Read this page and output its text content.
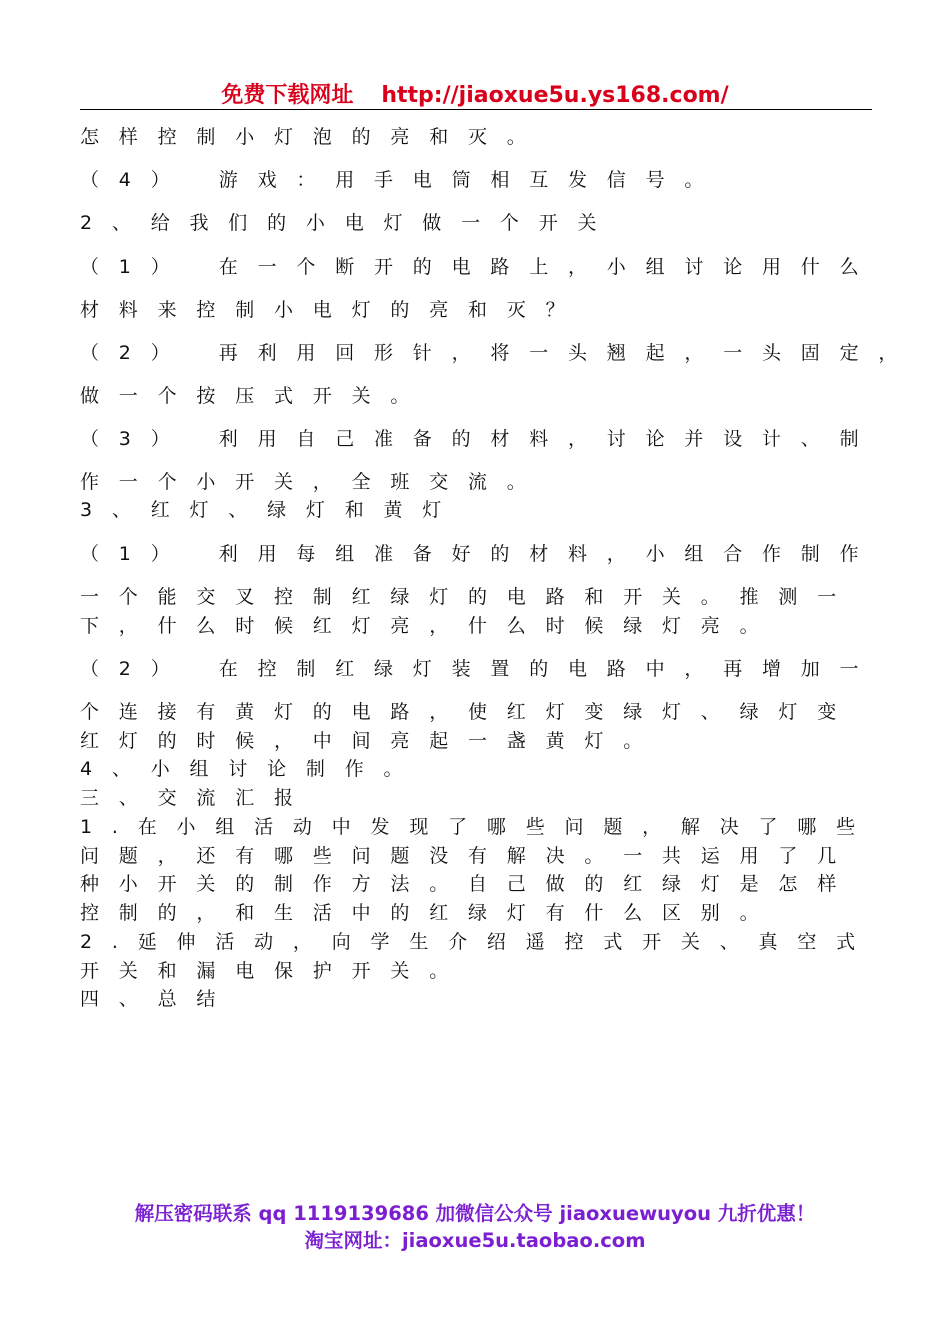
免费下载网址 http://jiaoxue5u.ys168.com/
怎样控制小灯泡的亮和灭。
（4）　游戏：用手电筒相互发信号。
2、给我们的小电灯做一个开关
（1）　在一个断开的电路上，小组讨论用什么
材料来控制小电灯的亮和灭？
（2）　再利用回形针，将一头翘起，一头固定，
做一个按压式开关。
（3）　利用自己准备的材料，讨论并设计、制
作一个小开关，全班交流。
3、红灯、绿灯和黄灯
（1）　利用每组准备好的材料，小组合作制作
一个能交叉控制红绿灯的电路和开关。推测一
下，什么时候红灯亮，什么时候绿灯亮。
（2）　在控制红绿灯装置的电路中，再增加一
个连接有黄灯的电路，使红灯变绿灯、绿灯变
红灯的时候，中间亮起一盏黄灯。
4、小组讨论制作。
三、交流汇报
1.在小组活动中发现了哪些问题，解决了哪些
问题，还有哪些问题没有解决。一共运用了几
种小开关的制作方法。自己做的红绿灯是怎样
控制的，和生活中的红绿灯有什么区别。
2.延伸活动，向学生介绍遥控式开关、真空式
开关和漏电保护开关。
四、总结
解压密码联系 qq 1119139686 加微信公众号 jiaoxuewuyou 九折优惠！
淘宝网址：jiaoxue5u.taobao.com
